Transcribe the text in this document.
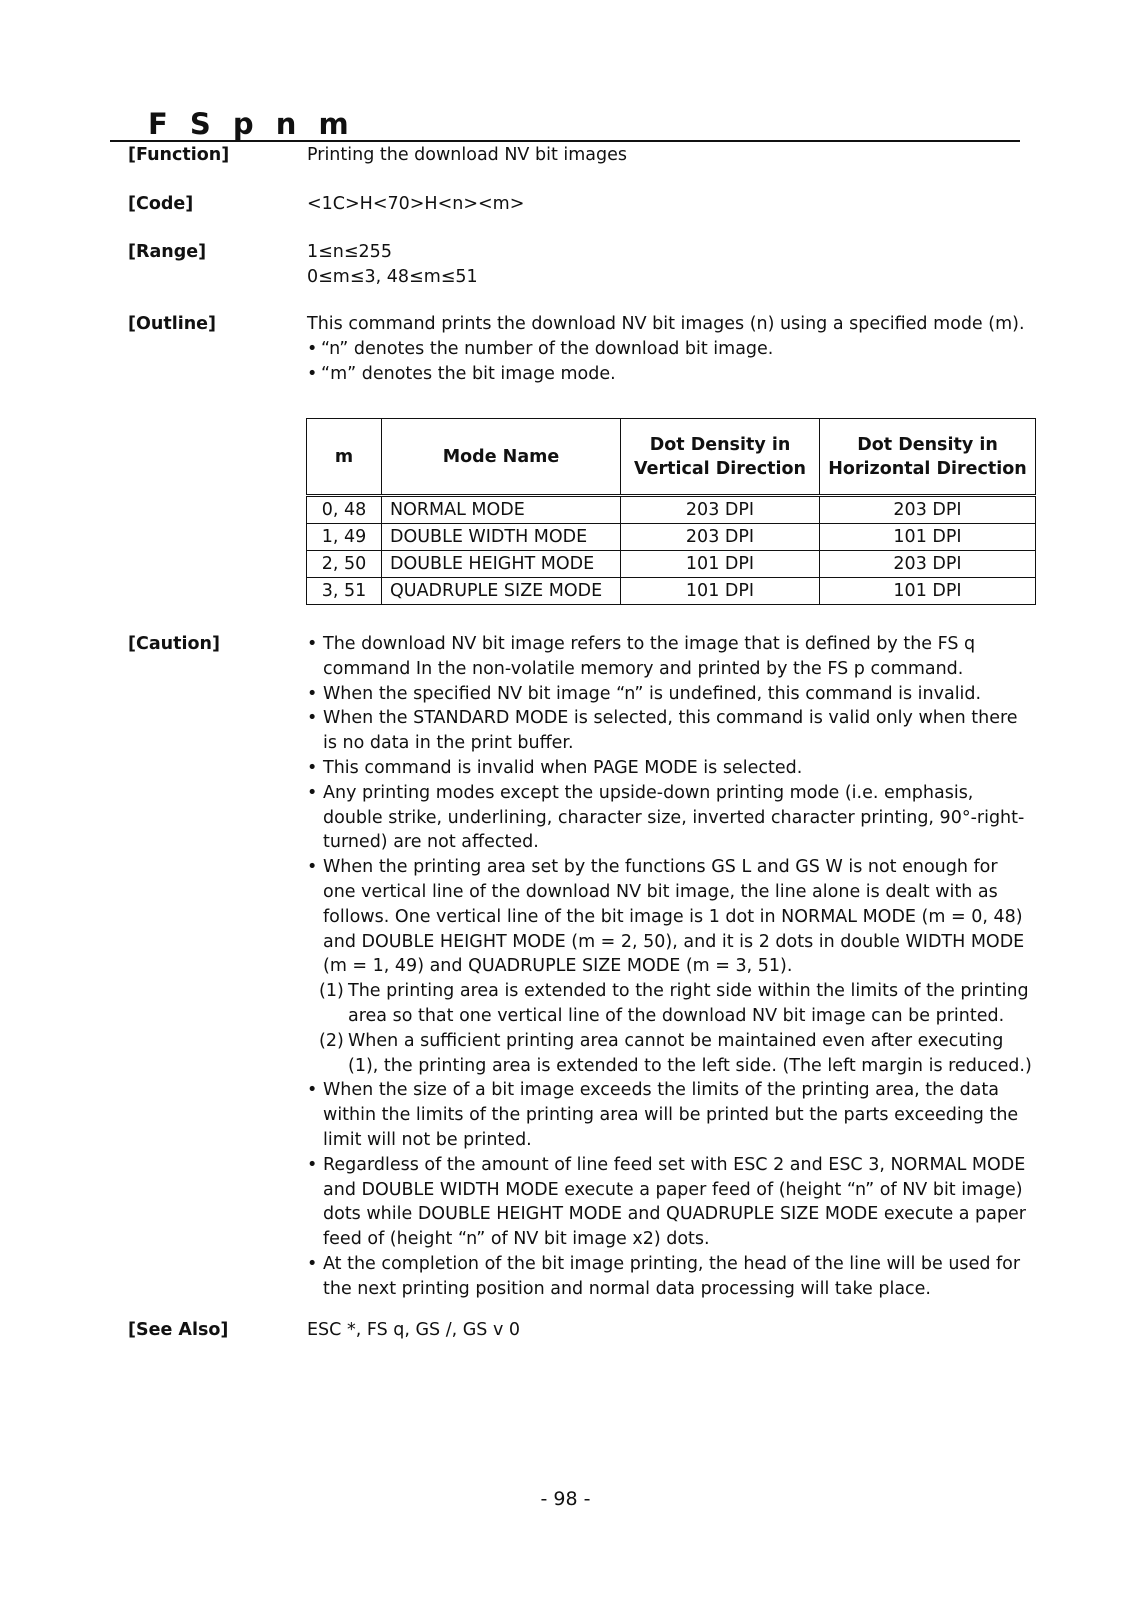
F S p n m
[Function]	Printing the download NV bit images
[Code]	<1C>H<70>H<n><m>
[Range]	1≤n≤255
0≤m≤3, 48≤m≤51
[Outline]	This command prints the download NV bit images (n) using a specified mode (m).
• “n” denotes the number of the download bit image.
• “m” denotes the bit image mode.
m	Mode Name	Dot Density in Vertical Direction	Dot Density in Horizontal Direction
0, 48	NORMAL MODE	203 DPI	203 DPI
1, 49	DOUBLE WIDTH MODE	203 DPI	101 DPI
2, 50	DOUBLE HEIGHT MODE	101 DPI	203 DPI
3, 51	QUADRUPLE SIZE MODE	101 DPI	101 DPI
[Caution]	• The download NV bit image refers to the image that is defined by the FS q command In the non-volatile memory and printed by the FS p command.
• When the specified NV bit image “n” is undefined, this command is invalid.
• When the STANDARD MODE is selected, this command is valid only when there is no data in the print buffer.
• This command is invalid when PAGE MODE is selected.
• Any printing modes except the upside-down printing mode (i.e. emphasis, double strike, underlining, character size, inverted character printing, 90°-right-turned) are not affected.
• When the printing area set by the functions GS L and GS W is not enough for one vertical line of the download NV bit image, the line alone is dealt with as follows. One vertical line of the bit image is 1 dot in NORMAL MODE (m = 0, 48) and DOUBLE HEIGHT MODE (m = 2, 50), and it is 2 dots in double WIDTH MODE (m = 1, 49) and QUADRUPLE SIZE MODE (m = 3, 51).
(1) The printing area is extended to the right side within the limits of the printing area so that one vertical line of the download NV bit image can be printed.
(2) When a sufficient printing area cannot be maintained even after executing (1), the printing area is extended to the left side. (The left margin is reduced.)
• When the size of a bit image exceeds the limits of the printing area, the data within the limits of the printing area will be printed but the parts exceeding the limit will not be printed.
• Regardless of the amount of line feed set with ESC 2 and ESC 3, NORMAL MODE and DOUBLE WIDTH MODE execute a paper feed of (height “n” of NV bit image) dots while DOUBLE HEIGHT MODE and QUADRUPLE SIZE MODE execute a paper feed of (height “n” of NV bit image x2) dots.
• At the completion of the bit image printing, the head of the line will be used for the next printing position and normal data processing will take place.
[See Also]	ESC *, FS q, GS /, GS v 0
- 98 -
